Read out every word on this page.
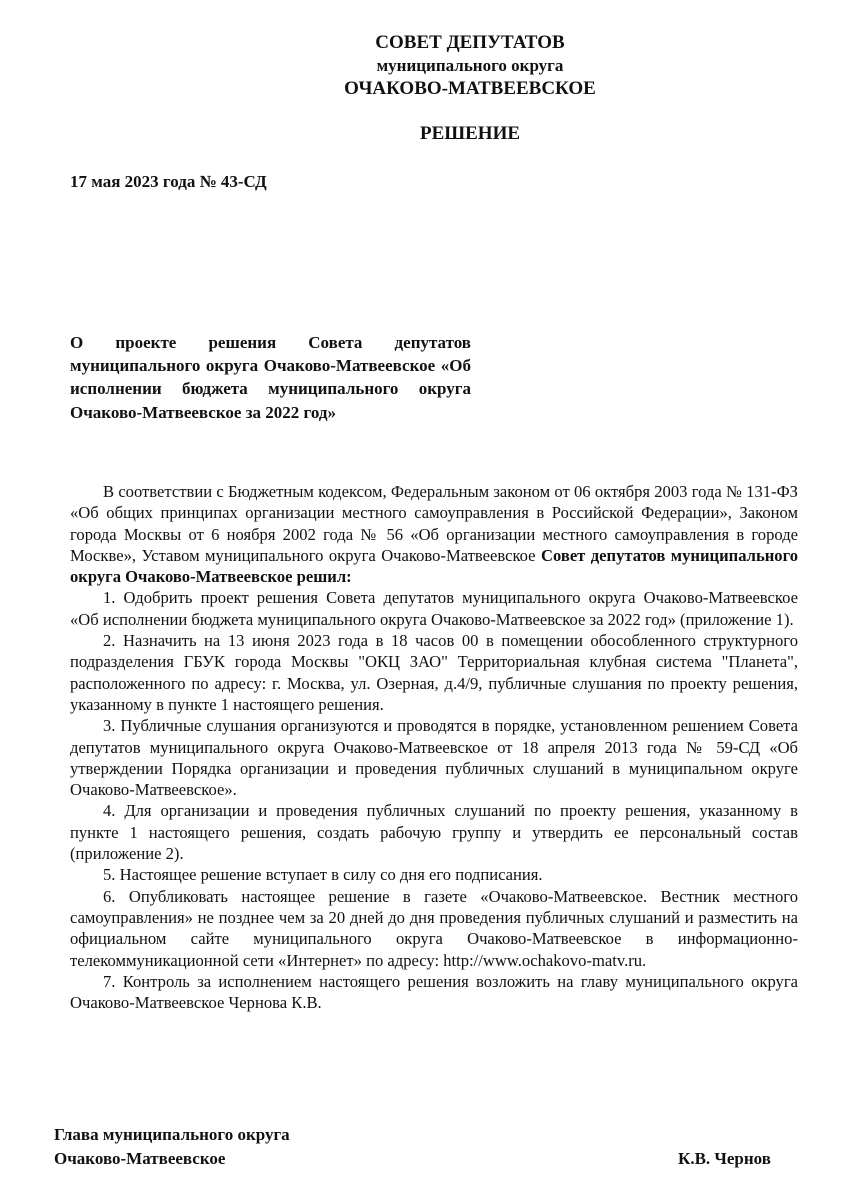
СОВЕТ ДЕПУТАТОВ
муниципального округа
ОЧАКОВО-МАТВЕЕВСКОЕ
РЕШЕНИЕ
17 мая 2023 года № 43-СД
О проекте решения Совета депутатов муниципального округа Очаково-Матвеевское «Об исполнении бюджета муниципального округа Очаково-Матвеевское за 2022 год»

В соответствии с Бюджетным кодексом, Федеральным законом от 06 октября 2003 года № 131-ФЗ «Об общих принципах организации местного самоуправления в Российской Федерации», Законом города Москвы от 6 ноября 2002 года № 56 «Об организации местного самоуправления в городе Москве», Уставом муниципального округа Очаково-Матвеевское Совет депутатов муниципального округа Очаково-Матвеевское решил:

1. Одобрить проект решения Совета депутатов муниципального округа Очаково-Матвеевское «Об исполнении бюджета муниципального округа Очаково-Матвеевское за 2022 год» (приложение 1).

2. Назначить на 13 июня 2023 года в 18 часов 00 в помещении обособленного структурного подразделения ГБУК города Москвы "ОКЦ ЗАО" Территориальная клубная система "Планета", расположенного по адресу: г. Москва, ул. Озерная, д.4/9, публичные слушания по проекту решения, указанному в пункте 1 настоящего решения.

3. Публичные слушания организуются и проводятся в порядке, установленном решением Совета депутатов муниципального округа Очаково-Матвеевское от 18 апреля 2013 года № 59-СД «Об утверждении Порядка организации и проведения публичных слушаний в муниципальном округе Очаково-Матвеевское».

4. Для организации и проведения публичных слушаний по проекту решения, указанному в пункте 1 настоящего решения, создать рабочую группу и утвердить ее персональный состав (приложение 2).

5. Настоящее решение вступает в силу со дня его подписания.

6. Опубликовать настоящее решение в газете «Очаково-Матвеевское. Вестник местного самоуправления» не позднее чем за 20 дней до дня проведения публичных слушаний и разместить на официальном сайте муниципального округа Очаково-Матвеевское в информационно-телекоммуникационной сети «Интернет» по адресу: http://www.ochakovo-matv.ru.

7. Контроль за исполнением настоящего решения возложить на главу муниципального округа Очаково-Матвеевское Чернова К.В.

Глава муниципального округа
Очаково-Матвеевское	К.В. Чернов
